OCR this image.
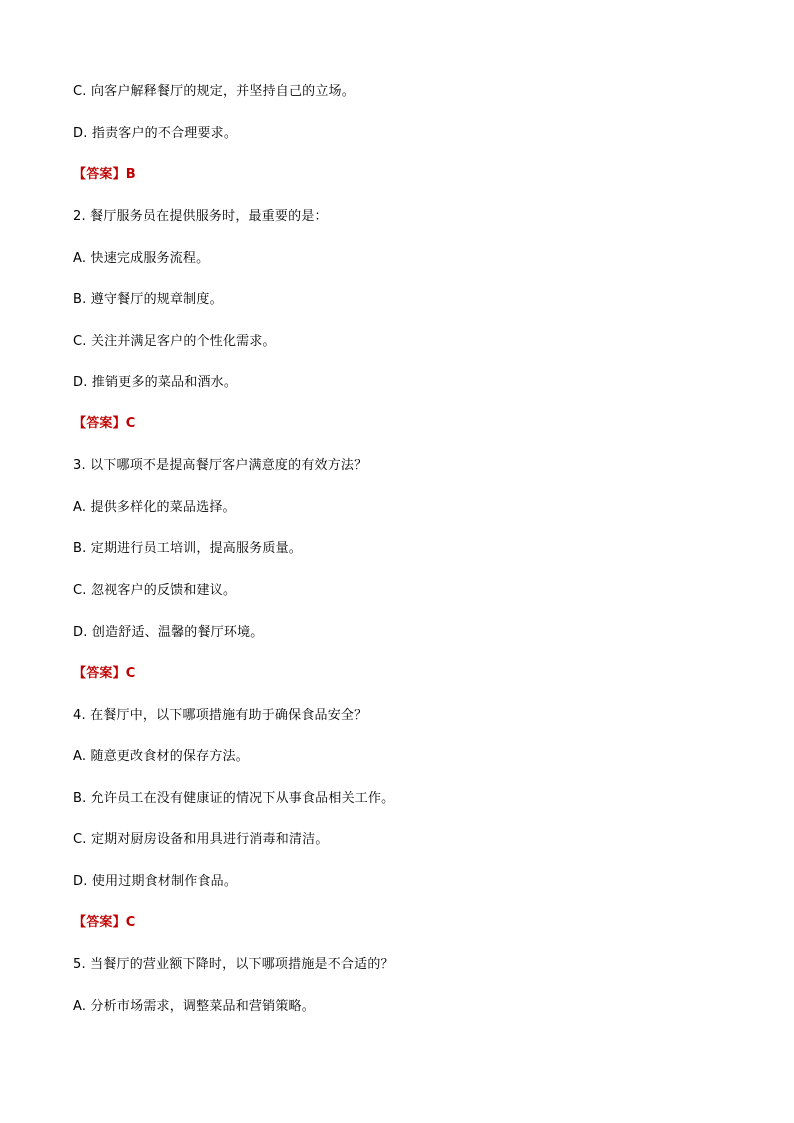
C. 向客户解释餐厅的规定，并坚持自己的立场。
D. 指责客户的不合理要求。
【答案】B
2. 餐厅服务员在提供服务时，最重要的是：
A. 快速完成服务流程。
B. 遵守餐厅的规章制度。
C. 关注并满足客户的个性化需求。
D. 推销更多的菜品和酒水。
【答案】C
3. 以下哪项不是提高餐厅客户满意度的有效方法？
A. 提供多样化的菜品选择。
B. 定期进行员工培训，提高服务质量。
C. 忽视客户的反馈和建议。
D. 创造舒适、温馨的餐厅环境。
【答案】C
4. 在餐厅中，以下哪项措施有助于确保食品安全？
A. 随意更改食材的保存方法。
B. 允许员工在没有健康证的情况下从事食品相关工作。
C. 定期对厨房设备和用具进行消毒和清洁。
D. 使用过期食材制作食品。
【答案】C
5. 当餐厅的营业额下降时，以下哪项措施是不合适的？
A. 分析市场需求，调整菜品和营销策略。
